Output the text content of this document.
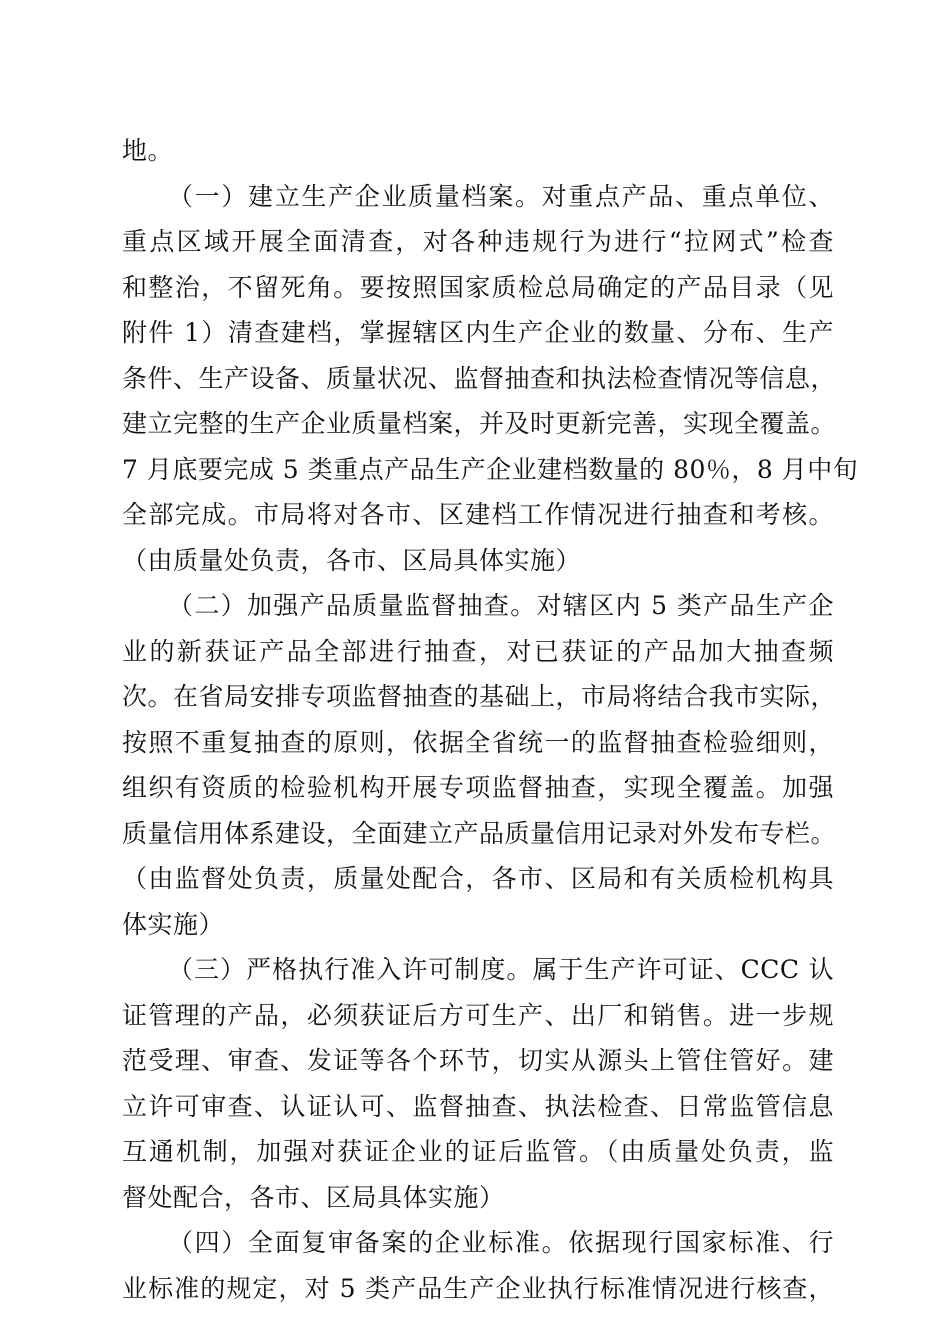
地。
（一）建立生产企业质量档案。对重点产品、重点单位、
重点区域开展全面清查，对各种违规行为进行“拉网式”检查
和整治，不留死角。要按照国家质检总局确定的产品目录（见
附件 1）清查建档，掌握辖区内生产企业的数量、分布、生产
条件、生产设备、质量状况、监督抽查和执法检查情况等信息，
建立完整的生产企业质量档案，并及时更新完善，实现全覆盖。
7 月底要完成 5 类重点产品生产企业建档数量的 80％，8 月中旬
全部完成。市局将对各市、区建档工作情况进行抽查和考核。
（由质量处负责，各市、区局具体实施）
（二）加强产品质量监督抽查。对辖区内 5 类产品生产企
业的新获证产品全部进行抽查，对已获证的产品加大抽查频
次。在省局安排专项监督抽查的基础上，市局将结合我市实际，
按照不重复抽查的原则，依据全省统一的监督抽查检验细则，
组织有资质的检验机构开展专项监督抽查，实现全覆盖。加强
质量信用体系建设，全面建立产品质量信用记录对外发布专栏。
（由监督处负责，质量处配合，各市、区局和有关质检机构具
体实施）
（三）严格执行准入许可制度。属于生产许可证、CCC 认
证管理的产品，必须获证后方可生产、出厂和销售。进一步规
范受理、审查、发证等各个环节，切实从源头上管住管好。建
立许可审查、认证认可、监督抽查、执法检查、日常监管信息
互通机制，加强对获证企业的证后监管。（由质量处负责，监
督处配合，各市、区局具体实施）
（四）全面复审备案的企业标准。依据现行国家标准、行
业标准的规定，对 5 类产品生产企业执行标准情况进行核查，
